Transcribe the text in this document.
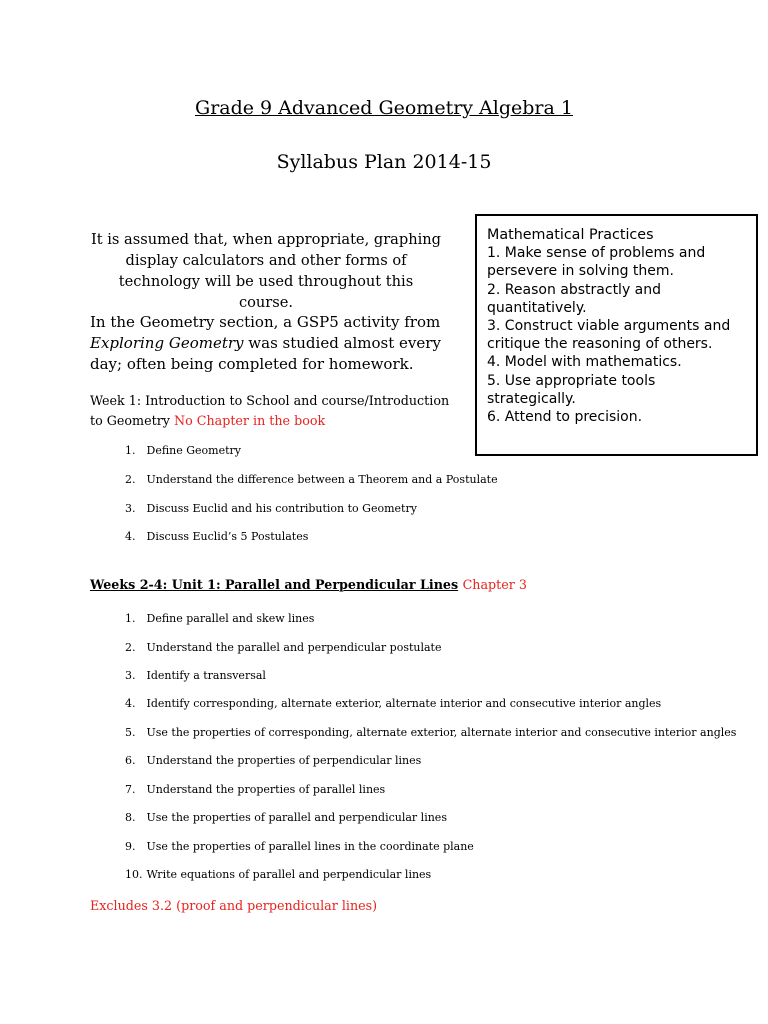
Grade 9 Advanced Geometry Algebra 1
Syllabus Plan 2014-15
It is assumed that, when appropriate, graphing display calculators and other forms of technology will be used throughout this course.
In the Geometry section, a GSP5 activity from Exploring Geometry was studied almost every day; often being completed for homework.
Mathematical Practices
1. Make sense of problems and persevere in solving them.
2. Reason abstractly and quantitatively.
3. Construct viable arguments and critique the reasoning of others.
4. Model with mathematics.
5. Use appropriate tools strategically.
6. Attend to precision.
Week 1: Introduction to School and course/Introduction to Geometry No Chapter in the book
1. Define Geometry
2. Understand the difference between a Theorem and a Postulate
3. Discuss Euclid and his contribution to Geometry
4. Discuss Euclid’s 5 Postulates
Weeks 2-4: Unit 1: Parallel and Perpendicular Lines Chapter 3
1. Define parallel and skew lines
2. Understand the parallel and perpendicular postulate
3. Identify a transversal
4. Identify corresponding, alternate exterior, alternate interior and consecutive interior angles
5. Use the properties of corresponding, alternate exterior, alternate interior and consecutive interior angles
6. Understand the properties of perpendicular lines
7. Understand the properties of parallel lines
8. Use the properties of parallel and perpendicular lines
9. Use the properties of parallel lines in the coordinate plane
10. Write equations of parallel and perpendicular lines
Excludes 3.2 (proof and perpendicular lines)
